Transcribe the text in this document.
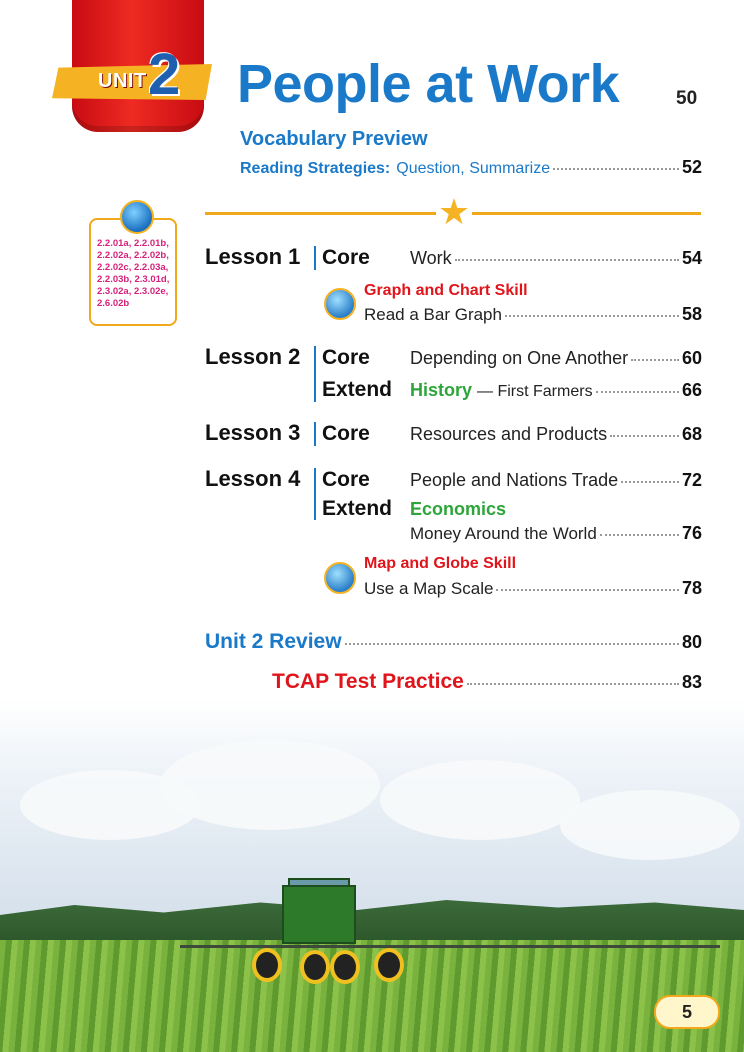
UNIT 2 People at Work	50
Vocabulary Preview
Reading Strategies: Question, Summarize	52
★
2.2.01a, 2.2.01b, 2.2.02a, 2.2.02b, 2.2.02c, 2.2.03a, 2.2.03b, 2.3.01d, 2.3.02a, 2.3.02e, 2.6.02b
Lesson 1	Core Work	54
Graph and Chart Skill
Read a Bar Graph	58
Lesson 2	Core Depending on One Another	60
Extend History — First Farmers	66
Lesson 3	Core Resources and Products	68
Lesson 4	Core People and Nations Trade	72
Extend Economics
Money Around the World	76
Map and Globe Skill
Use a Map Scale	78
Unit 2 Review	80
TCAP Test Practice	83
5
